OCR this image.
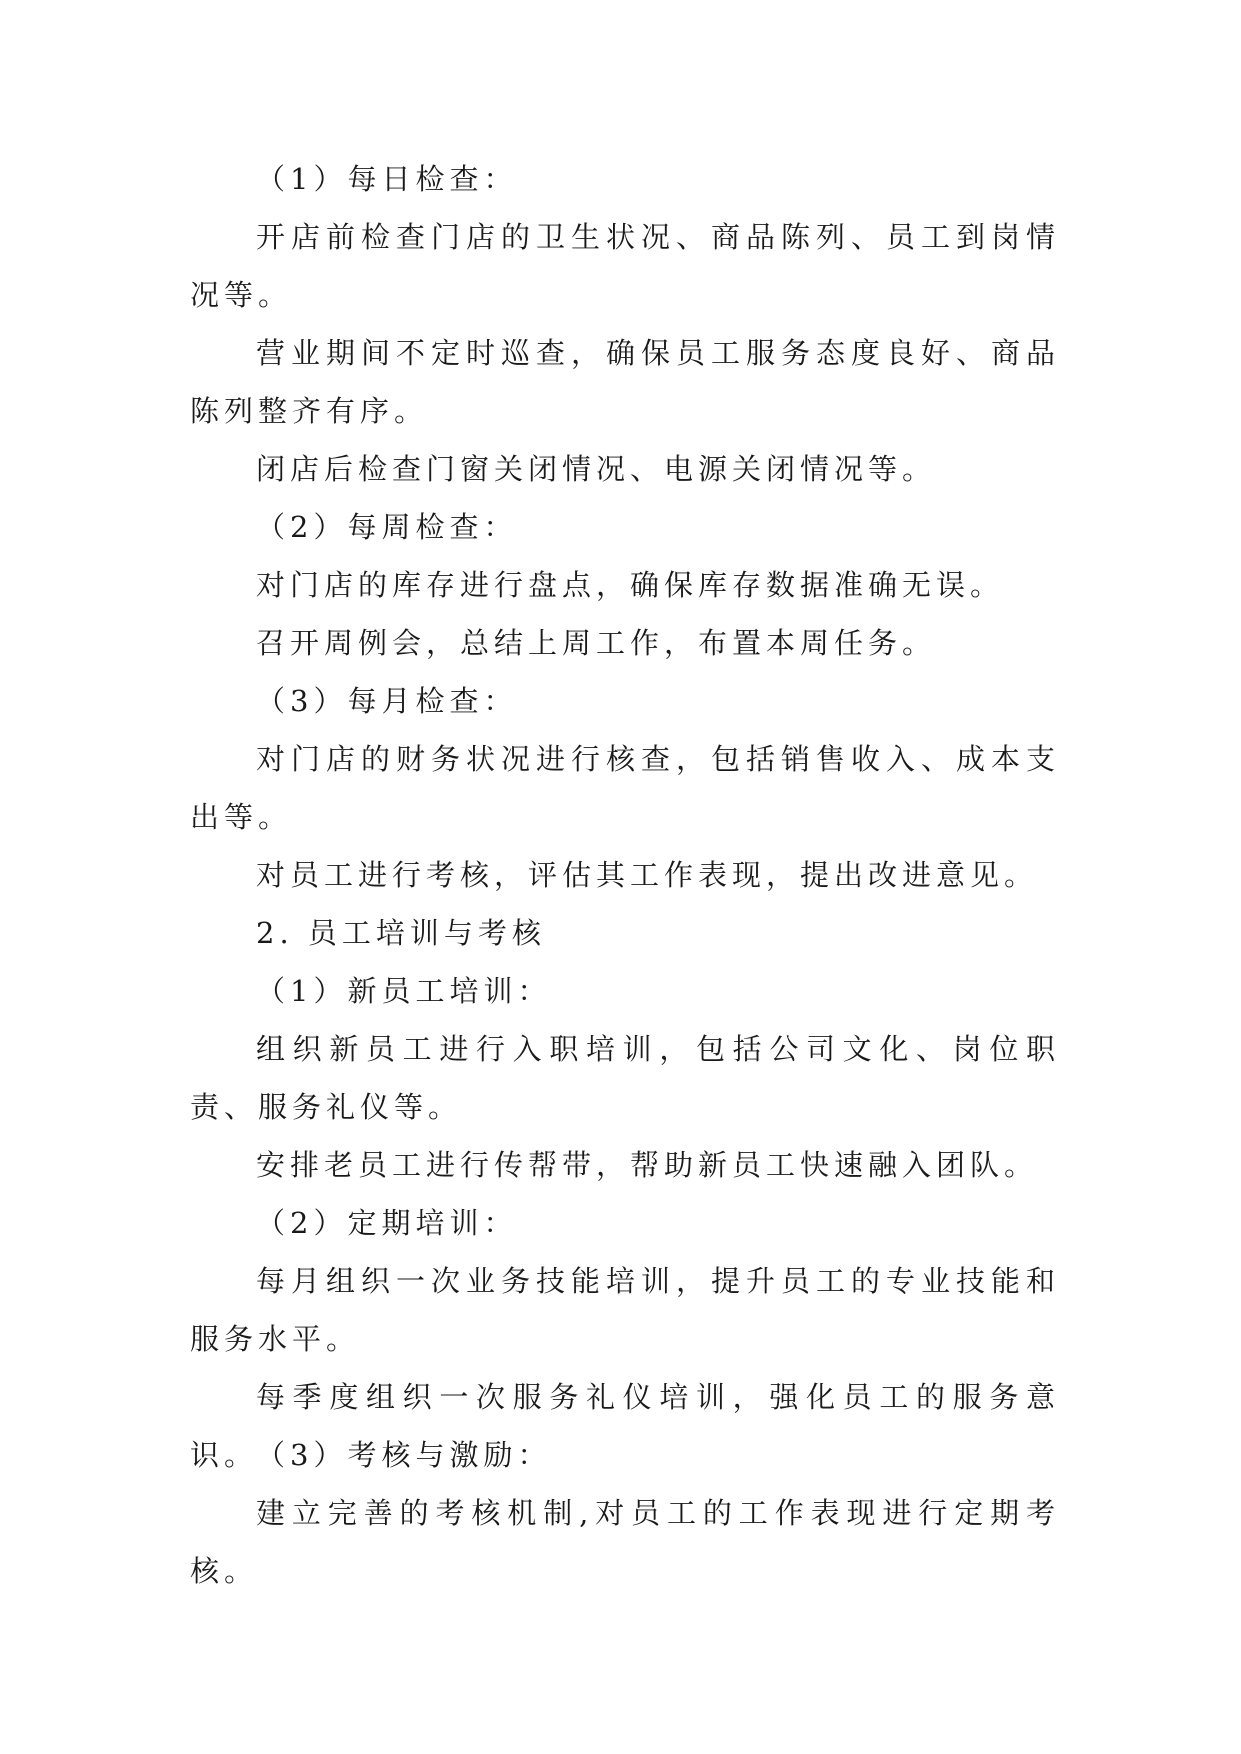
（1）每日检查：

开店前检查门店的卫生状况、商品陈列、员工到岗情况等。

营业期间不定时巡查，确保员工服务态度良好、商品陈列整齐有序。

闭店后检查门窗关闭情况、电源关闭情况等。

（2）每周检查：

对门店的库存进行盘点，确保库存数据准确无误。

召开周例会，总结上周工作，布置本周任务。

（3）每月检查：

对门店的财务状况进行核查，包括销售收入、成本支出等。

对员工进行考核，评估其工作表现，提出改进意见。

2. 员工培训与考核

（1）新员工培训：

组织新员工进行入职培训，包括公司文化、岗位职责、服务礼仪等。

安排老员工进行传帮带，帮助新员工快速融入团队。

（2）定期培训：

每月组织一次业务技能培训，提升员工的专业技能和服务水平。

每季度组织一次服务礼仪培训，强化员工的服务意识。

（3）考核与激励：

建立完善的考核机制,对员工的工作表现进行定期考核。
